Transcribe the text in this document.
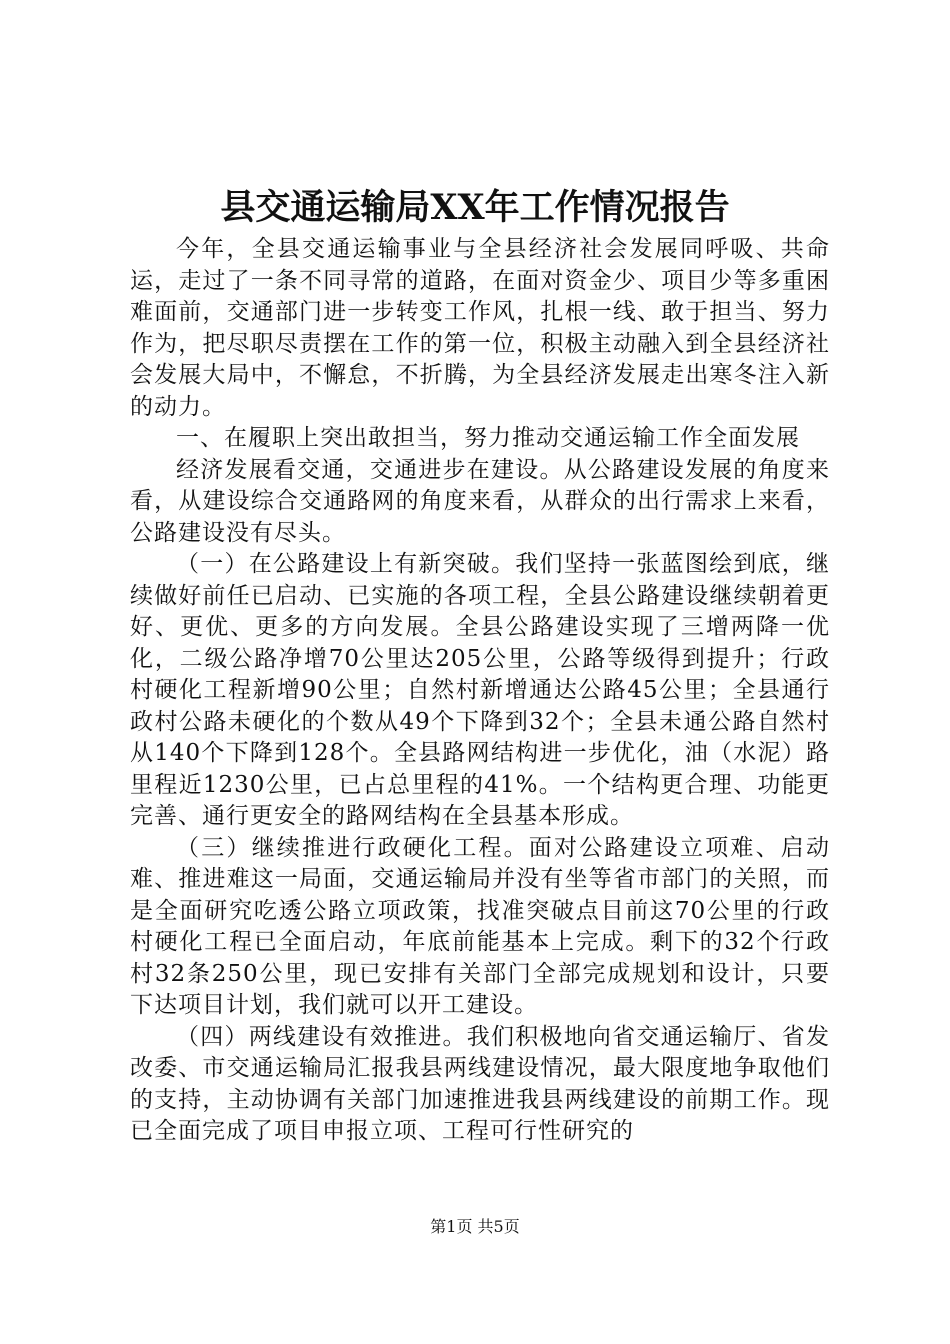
县交通运输局XX年工作情况报告

今年，全县交通运输事业与全县经济社会发展同呼吸、共命运，走过了一条不同寻常的道路，在面对资金少、项目少等多重困难面前，交通部门进一步转变工作风，扎根一线、敢于担当、努力作为，把尽职尽责摆在工作的第一位，积极主动融入到全县经济社会发展大局中，不懈怠，不折腾，为全县经济发展走出寒冬注入新的动力。

一、在履职上突出敢担当，努力推动交通运输工作全面发展

经济发展看交通，交通进步在建设。从公路建设发展的角度来看，从建设综合交通路网的角度来看，从群众的出行需求上来看，公路建设没有尽头。

（一）在公路建设上有新突破。我们坚持一张蓝图绘到底，继续做好前任已启动、已实施的各项工程，全县公路建设继续朝着更好、更优、更多的方向发展。全县公路建设实现了三增两降一优化，二级公路净增70公里达205公里，公路等级得到提升；行政村硬化工程新增90公里；自然村新增通达公路45公里；全县通行政村公路未硬化的个数从49个下降到32个；全县未通公路自然村从140个下降到128个。全县路网结构进一步优化，油（水泥）路里程近1230公里，已占总里程的41%。一个结构更合理、功能更完善、通行更安全的路网结构在全县基本形成。

（三）继续推进行政硬化工程。面对公路建设立项难、启动难、推进难这一局面，交通运输局并没有坐等省市部门的关照，而是全面研究吃透公路立项政策，找准突破点目前这70公里的行政村硬化工程已全面启动，年底前能基本上完成。剩下的32个行政村32条250公里，现已安排有关部门全部完成规划和设计，只要下达项目计划，我们就可以开工建设。

（四）两线建设有效推进。我们积极地向省交通运输厅、省发改委、市交通运输局汇报我县两线建设情况，最大限度地争取他们的支持，主动协调有关部门加速推进我县两线建设的前期工作。现已全面完成了项目申报立项、工程可行性研究的

第1页 共5页
